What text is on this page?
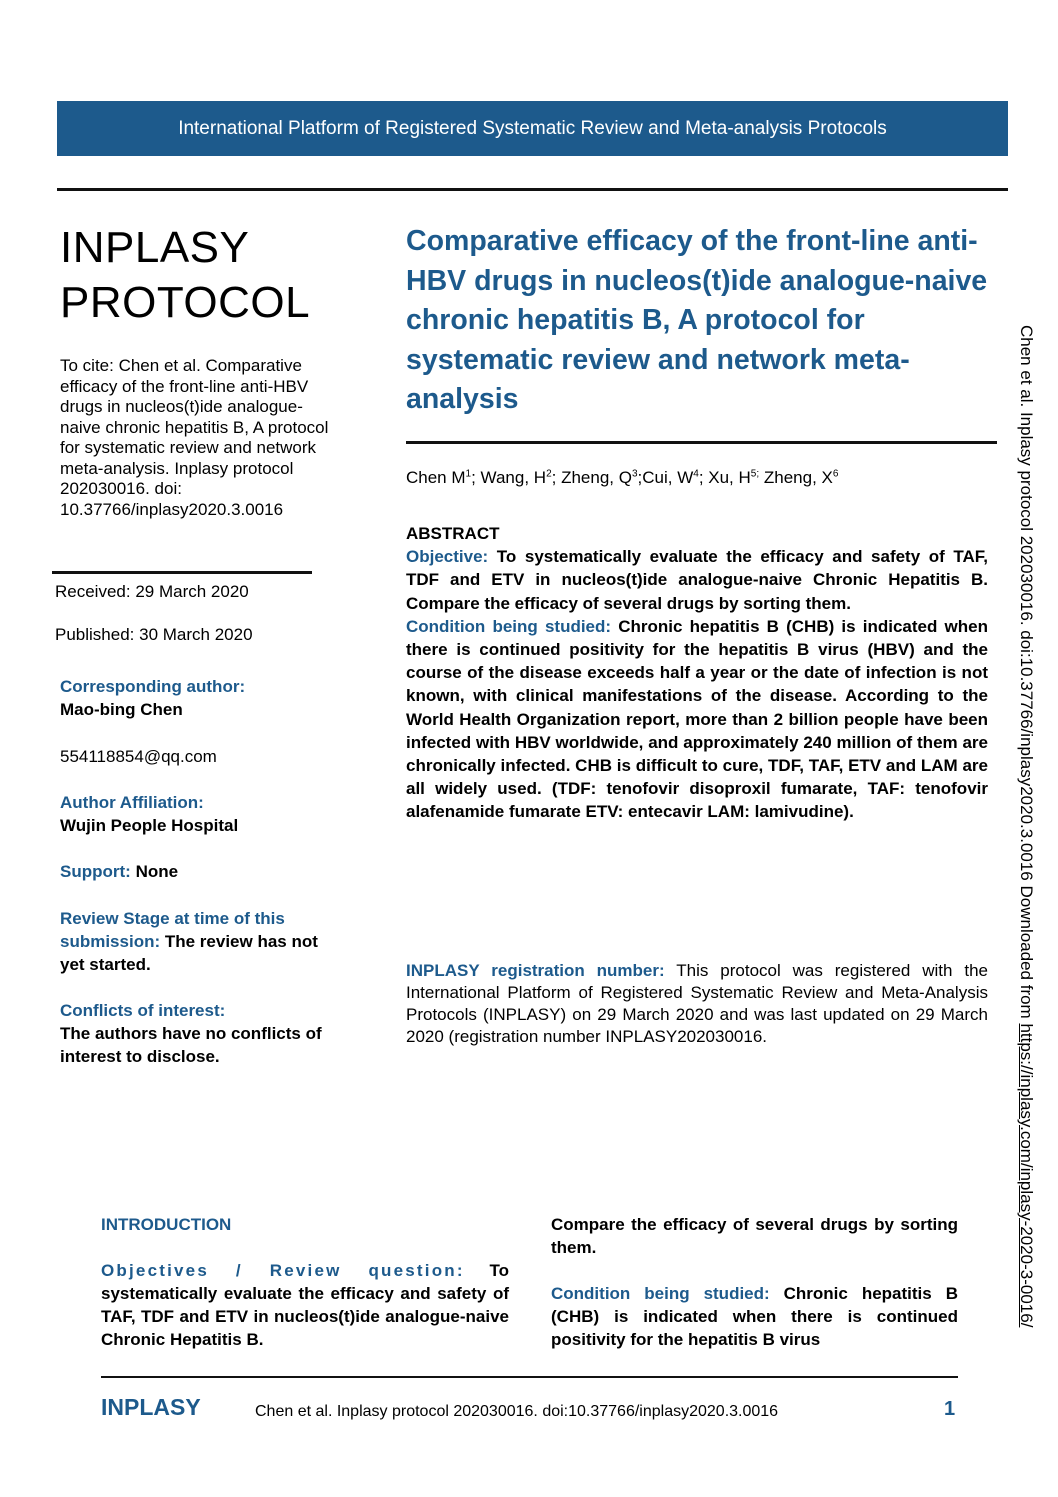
International Platform of Registered Systematic Review and Meta-analysis Protocols
INPLASY
PROTOCOL
To cite: Chen et al. Comparative efficacy of the front-line anti-HBV drugs in nucleos(t)ide analogue-naive chronic hepatitis B, A protocol for systematic review and network meta-analysis. Inplasy protocol 202030016. doi: 10.37766/inplasy2020.3.0016
Received: 29 March 2020
Published: 30 March 2020
Corresponding author:
Mao-bing Chen
554118854@qq.com
Author Affiliation:
Wujin People Hospital
Support: None
Review Stage at time of this submission: The review has not yet started.
Conflicts of interest:
The authors have no conflicts of interest to disclose.
Comparative efficacy of the front-line anti-HBV drugs in nucleos(t)ide analogue-naive chronic hepatitis B, A protocol for systematic review and network meta-analysis
Chen $M^1$; Wang, $H^2$; Zheng, $Q^3;Cui$, $W^4$; Xu, $H^{5;}$ Zheng, $X^6$
ABSTRACT
Objective: To systematically evaluate the efficacy and safety of TAF, TDF and ETV in nucleos(t)ide analogue-naive Chronic Hepatitis B. Compare the efficacy of several drugs by sorting them.
Condition being studied: Chronic hepatitis B (CHB) is indicated when there is continued positivity for the hepatitis B virus (HBV) and the course of the disease exceeds half a year or the date of infection is not known, with clinical manifestations of the disease. According to the World Health Organization report, more than 2 billion people have been infected with HBV worldwide, and approximately 240 million of them are chronically infected. CHB is difficult to cure, TDF, TAF, ETV and LAM are all widely used. (TDF: tenofovir disoproxil fumarate, TAF: tenofovir alafenamide fumarate ETV: entecavir LAM: lamivudine).
INPLASY registration number: This protocol was registered with the International Platform of Registered Systematic Review and Meta-Analysis Protocols (INPLASY) on 29 March 2020 and was last updated on 29 March 2020 (registration number INPLASY202030016.
INTRODUCTION
Objectives / Review question: To systematically evaluate the efficacy and safety of TAF, TDF and ETV in nucleos(t)ide analogue-naive Chronic Hepatitis B.
Compare the efficacy of several drugs by sorting them.
Condition being studied: Chronic hepatitis B (CHB) is indicated when there is continued positivity for the hepatitis B virus
INPLASY	Chen et al. Inplasy protocol 202030016. doi:10.37766/inplasy2020.3.0016	1
Chen et al. Inplasy protocol 202030016. doi:10.37766/inplasy2020.3.0016 Downloaded from https://inplasy.com/inplasy-2020-3-0016/
